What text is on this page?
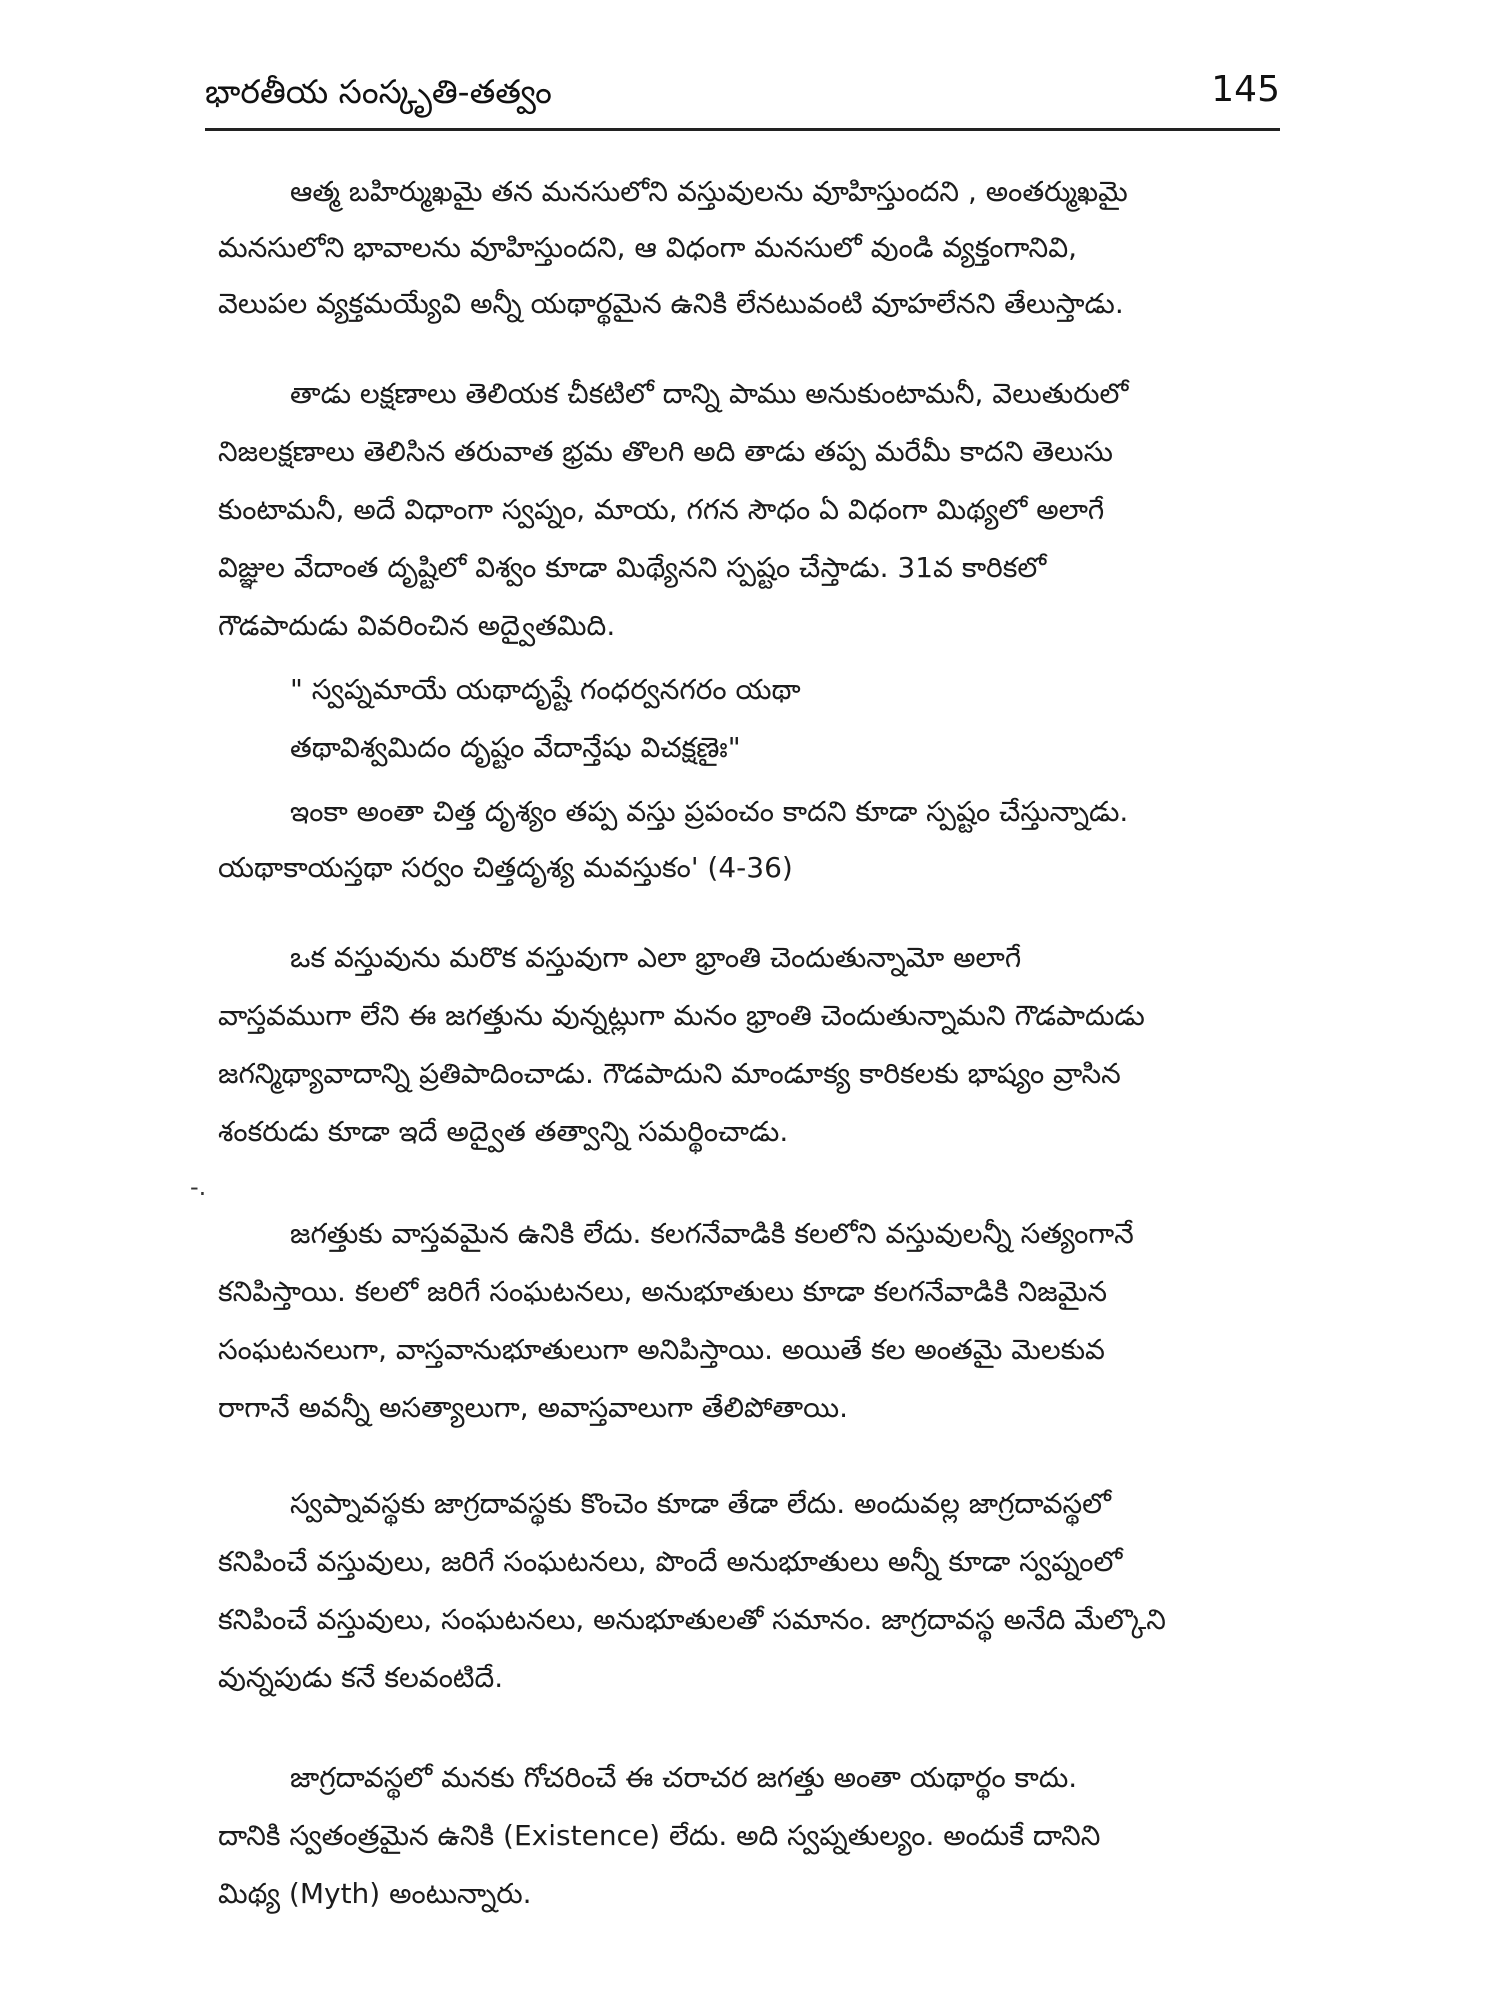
భారతీయ సంస్కృతి-తత్వం	145
-.
ఆత్మ బహిర్ముఖమై తన మనసులోని వస్తువులను వూహిస్తుందని , అంతర్ముఖమై
మనసులోని భావాలను వూహిస్తుందని, ఆ విధంగా మనసులో వుండి వ్యక్తంగానివి,
వెలుపల వ్యక్తమయ్యేవి అన్నీ యథార్థమైన ఉనికి లేనటువంటి వూహలేనని తేలుస్తాడు.
తాడు లక్షణాలు తెలియక చీకటిలో దాన్ని పాము అనుకుంటామనీ, వెలుతురులో
నిజలక్షణాలు తెలిసిన తరువాత భ్రమ తొలగి అది తాడు తప్ప మరేమీ కాదని తెలుసు
కుంటామనీ, అదే విధాంగా స్వప్నం, మాయ, గగన సౌధం ఏ విధంగా మిథ్యలో అలాగే
విజ్ఞుల వేదాంత దృష్టిలో విశ్వం కూడా మిథ్యేనని స్పష్టం చేస్తాడు. 31వ కారికలో
గౌడపాదుడు వివరించిన అద్వైతమిది.
" స్వప్నమాయే యథాదృష్టే గంధర్వనగరం యథా
తథావిశ్వమిదం దృష్టం వేదాన్తేషు విచక్షణైః"
ఇంకా అంతా చిత్త దృశ్యం తప్ప వస్తు ప్రపంచం కాదని కూడా స్పష్టం చేస్తున్నాడు.
యథాకాయస్తథా సర్వం చిత్తదృశ్య మవస్తుకం' (4-36)
ఒక వస్తువును మరొక వస్తువుగా ఎలా భ్రాంతి చెందుతున్నామో అలాగే
వాస్తవముగా లేని ఈ జగత్తును వున్నట్లుగా మనం భ్రాంతి చెందుతున్నామని గౌడపాదుడు
జగన్మిథ్యావాదాన్ని ప్రతిపాదించాడు. గౌడపాదుని మాండూక్య కారికలకు భాష్యం వ్రాసిన
శంకరుడు కూడా ఇదే అద్వైత తత్వాన్ని సమర్థించాడు.
జగత్తుకు వాస్తవమైన ఉనికి లేదు. కలగనేవాడికి కలలోని వస్తువులన్నీ సత్యంగానే
కనిపిస్తాయి. కలలో జరిగే సంఘటనలు, అనుభూతులు కూడా కలగనేవాడికి నిజమైన
సంఘటనలుగా, వాస్తవానుభూతులుగా అనిపిస్తాయి. అయితే కల అంతమై మెలకువ
రాగానే అవన్నీ అసత్యాలుగా, అవాస్తవాలుగా తేలిపోతాయి.
స్వప్నావస్థకు జాగ్రదావస్థకు కొంచెం కూడా తేడా లేదు. అందువల్ల జాగ్రదావస్థలో
కనిపించే వస్తువులు, జరిగే సంఘటనలు, పొందే అనుభూతులు అన్నీ కూడా స్వప్నంలో
కనిపించే వస్తువులు, సంఘటనలు, అనుభూతులతో సమానం. జాగ్రదావస్థ అనేది మేల్కొని
వున్నపుడు కనే కలవంటిదే.
జాగ్రదావస్థలో మనకు గోచరించే ఈ చరాచర జగత్తు అంతా యథార్థం కాదు.
దానికి స్వతంత్రమైన ఉనికి (Existence) లేదు. అది స్వప్నతుల్యం. అందుకే దానిని
మిథ్య (Myth) అంటున్నారు.
